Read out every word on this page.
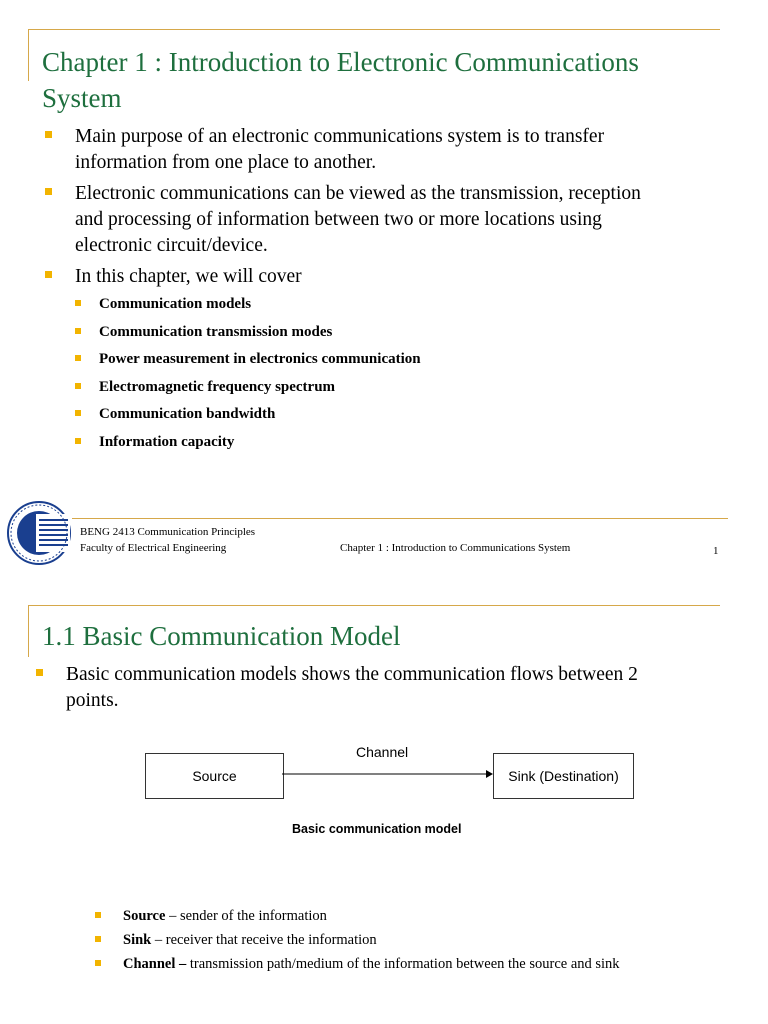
Chapter 1 : Introduction to Electronic Communications
System
Main purpose of an electronic communications system is to transfer
information from one place to another.
Electronic communications can be viewed as the transmission, reception
and processing of information between two or more locations using
electronic circuit/device.
In this chapter, we will cover
Communication models
Communication transmission modes
Power measurement in electronics communication
Electromagnetic frequency spectrum
Communication bandwidth
Information capacity
BENG 2413 Communication Principles
Faculty of Electrical Engineering	Chapter 1 : Introduction to Communications System	1
1.1 Basic Communication Model
Basic communication models shows the communication flows between 2
points.
Source
Channel
Sink (Destination)
Basic communication model
Source – sender of the information
Sink – receiver that receive the information
Channel – transmission path/medium of the information between the source and sink
